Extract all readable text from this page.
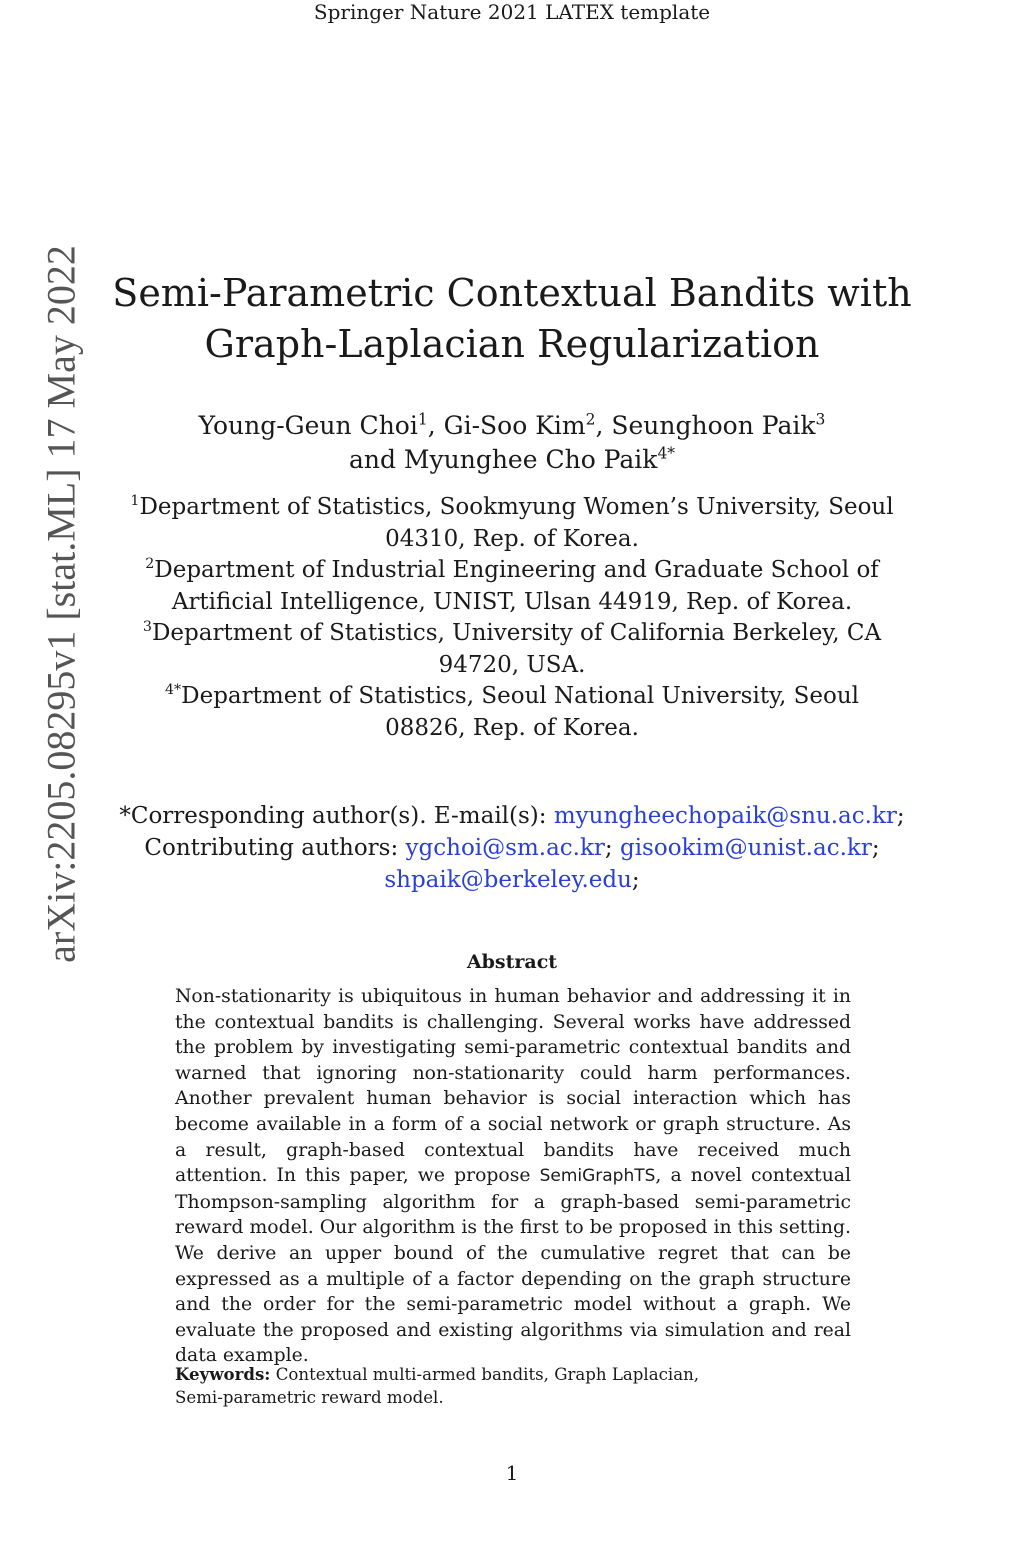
Springer Nature 2021 LATEX template
arXiv:2205.08295v1 [stat.ML] 17 May 2022 Semi-Parametric Contextual Bandits with
Graph-Laplacian Regularization
Young-Geun Choi$^1$, Gi-Soo Kim$^2$, Seunghoon Paik$^3$
and Myunghee Cho Paik$^{4*}$
$^1$Department of Statistics, Sookmyung Women’s University, Seoul
04310, Rep. of Korea.
$^2$Department of Industrial Engineering and Graduate School of
Artificial Intelligence, UNIST, Ulsan 44919, Rep. of Korea.
$^3$Department of Statistics, University of California Berkeley, CA
94720, USA.
$^{4*}$Department of Statistics, Seoul National University, Seoul
08826, Rep. of Korea.
*Corresponding author(s). E-mail(s): myungheechopaik@snu.ac.kr;
Contributing authors: ygchoi@sm.ac.kr; gisookim@unist.ac.kr;
shpaik@berkeley.edu;
Abstract
Non-stationarity is ubiquitous in human behavior and addressing it in the contextual bandits is challenging. Several works have addressed the problem by investigating semi-parametric contextual bandits and warned that ignoring non-stationarity could harm performances. Another prevalent human behavior is social interaction which has become available in a form of a social network or graph structure. As a result, graph-based contextual bandits have received much attention. In this paper, we propose SemiGraphTS, a novel contextual Thompson-sampling algorithm for a graph-based semi-parametric reward model. Our algorithm is the first to be proposed in this setting. We derive an upper bound of the cumulative regret that can be expressed as a multiple of a factor depending on the graph structure and the order for the semi-parametric model without a graph. We evaluate the proposed and existing algorithms via simulation and real data example.
Keywords: Contextual multi-armed bandits, Graph Laplacian,
Semi-parametric reward model.
1
